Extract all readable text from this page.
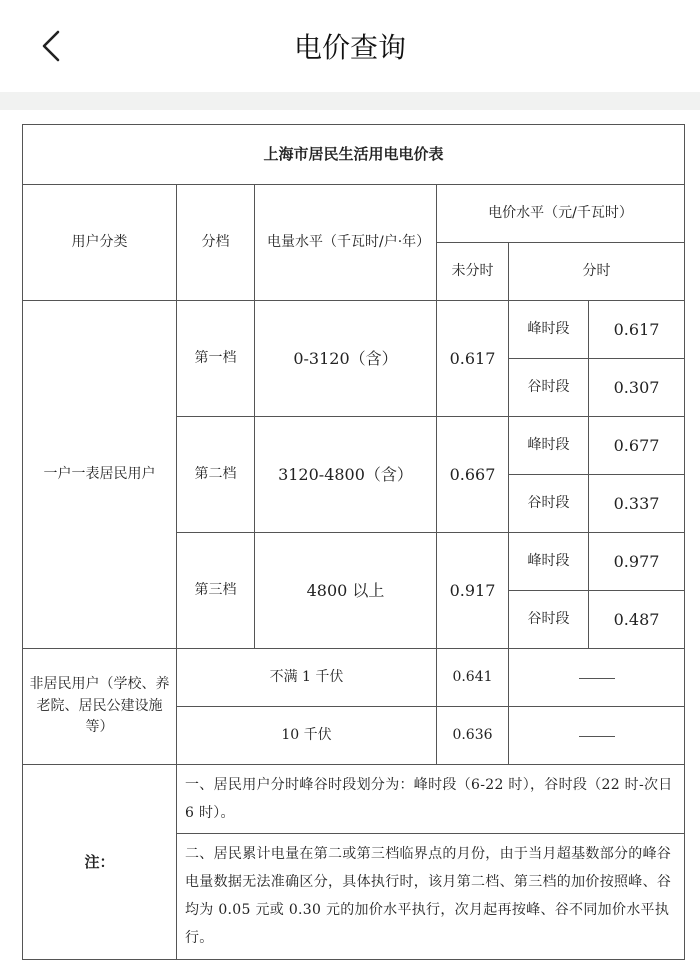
电价查询
上海市居民生活用电电价表					
用户分类	分档	电量水平（千瓦时/户·年）	电价水平（元/千瓦时）		
			未分时	分时	
一户一表居民用户	第一档	0-3120（含）	0.617	峰时段	0.617
				谷时段	0.307
	第二档	3120-4800（含）	0.667	峰时段	0.677
				谷时段	0.337
	第三档	4800 以上	0.917	峰时段	0.977
				谷时段	0.487
非居民用户（学校、养老院、居民公建设施等）	不满 1 千伏		0.641		
	10 千伏		0.636		
注：	一、居民用户分时峰谷时段划分为：峰时段（6-22 时），谷时段（22 时-次日 6 时）。				
	二、居民累计电量在第二或第三档临界点的月份，由于当月超基数部分的峰谷电量数据无法准确区分，具体执行时，该月第二档、第三档的加价按照峰、谷均为 0.05 元或 0.30 元的加价水平执行，次月起再按峰、谷不同加价水平执行。				
